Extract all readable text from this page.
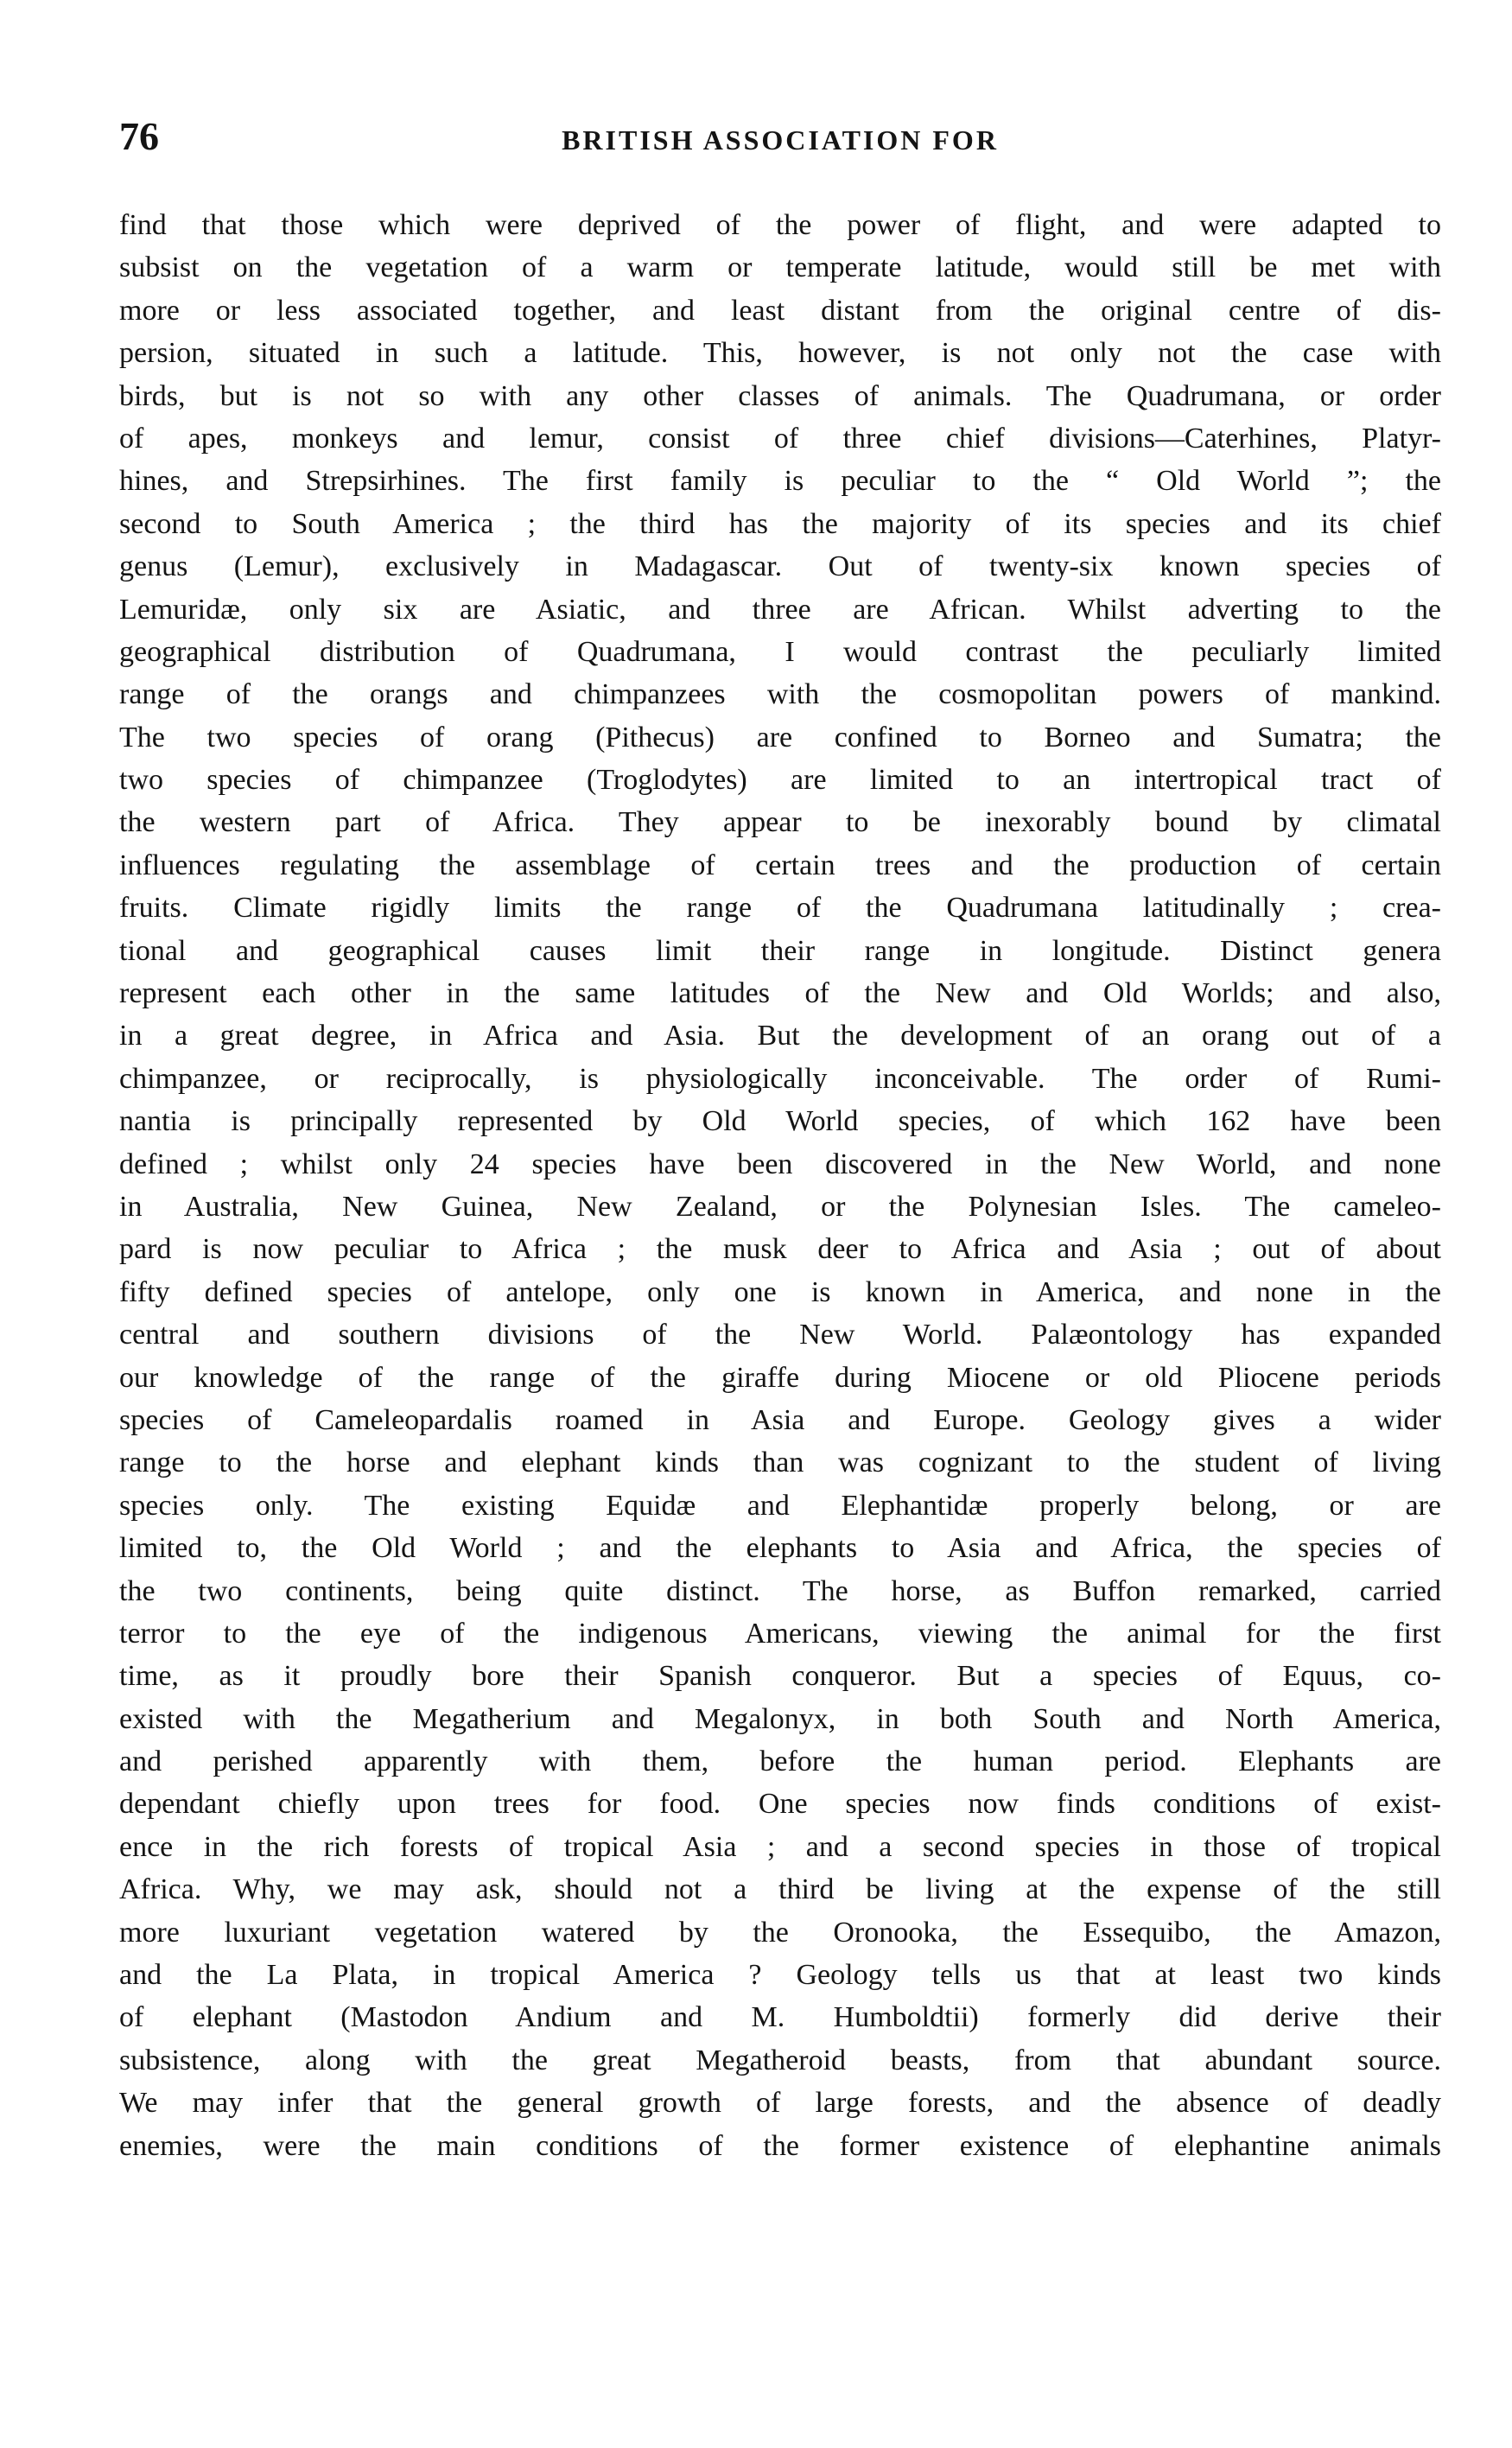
76	BRITISH ASSOCIATION FOR
find that those which were deprived of the power of flight, and were adapted to
subsist on the vegetation of a warm or temperate latitude, would still be met with
more or less associated together, and least distant from the original centre of dis-
persion, situated in such a latitude. This, however, is not only not the case with
birds, but is not so with any other classes of animals. The Quadrumana, or order
of apes, monkeys and lemur, consist of three chief divisions—Caterhines, Platyr-
hines, and Strepsirhines. The first family is peculiar to the “ Old World ”; the
second to South America ; the third has the majority of its species and its chief
genus (Lemur), exclusively in Madagascar. Out of twenty-six known species of
Lemuridæ, only six are Asiatic, and three are African. Whilst adverting to the
geographical distribution of Quadrumana, I would contrast the peculiarly limited
range of the orangs and chimpanzees with the cosmopolitan powers of mankind.
The two species of orang (Pithecus) are confined to Borneo and Sumatra; the
two species of chimpanzee (Troglodytes) are limited to an intertropical tract of
the western part of Africa. They appear to be inexorably bound by climatal
influences regulating the assemblage of certain trees and the production of certain
fruits. Climate rigidly limits the range of the Quadrumana latitudinally ; crea-
tional and geographical causes limit their range in longitude. Distinct genera
represent each other in the same latitudes of the New and Old Worlds; and also,
in a great degree, in Africa and Asia. But the development of an orang out of a
chimpanzee, or reciprocally, is physiologically inconceivable. The order of Rumi-
nantia is principally represented by Old World species, of which 162 have been
defined ; whilst only 24 species have been discovered in the New World, and none
in Australia, New Guinea, New Zealand, or the Polynesian Isles. The cameleo-
pard is now peculiar to Africa ; the musk deer to Africa and Asia ; out of about
fifty defined species of antelope, only one is known in America, and none in the
central and southern divisions of the New World. Palæontology has expanded
our knowledge of the range of the giraffe during Miocene or old Pliocene periods
species of Cameleopardalis roamed in Asia and Europe. Geology gives a wider
range to the horse and elephant kinds than was cognizant to the student of living
species only. The existing Equidæ and Elephantidæ properly belong, or are
limited to, the Old World ; and the elephants to Asia and Africa, the species of
the two continents, being quite distinct. The horse, as Buffon remarked, carried
terror to the eye of the indigenous Americans, viewing the animal for the first
time, as it proudly bore their Spanish conqueror. But a species of Equus, co-
existed with the Megatherium and Megalonyx, in both South and North America,
and perished apparently with them, before the human period. Elephants are
dependant chiefly upon trees for food. One species now finds conditions of exist-
ence in the rich forests of tropical Asia ; and a second species in those of tropical
Africa. Why, we may ask, should not a third be living at the expense of the still
more luxuriant vegetation watered by the Oronooka, the Essequibo, the Amazon,
and the La Plata, in tropical America ? Geology tells us that at least two kinds
of elephant (Mastodon Andium and M. Humboldtii) formerly did derive their
subsistence, along with the great Megatheroid beasts, from that abundant source.
We may infer that the general growth of large forests, and the absence of deadly
enemies, were the main conditions of the former existence of elephantine animals
